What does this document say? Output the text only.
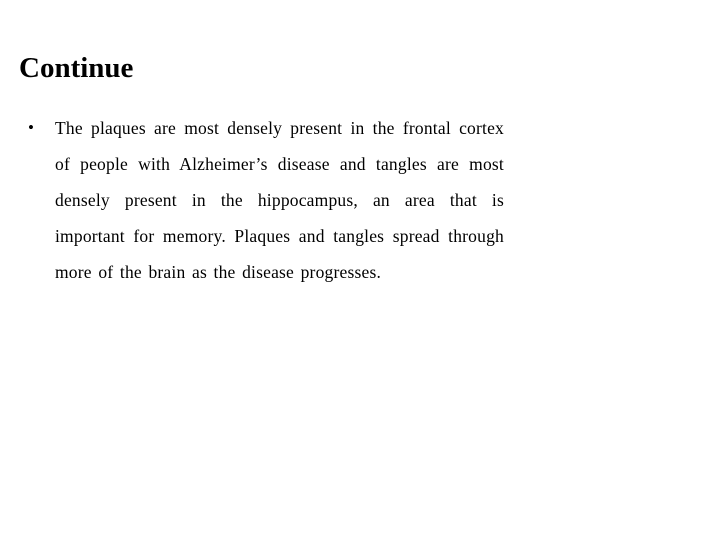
Continue
• The plaques are most densely present in the frontal cortex of people with Alzheimer’s disease and tangles are most densely present in the hippocampus, an area that is important for memory. Plaques and tangles spread through more of the brain as the disease progresses.
